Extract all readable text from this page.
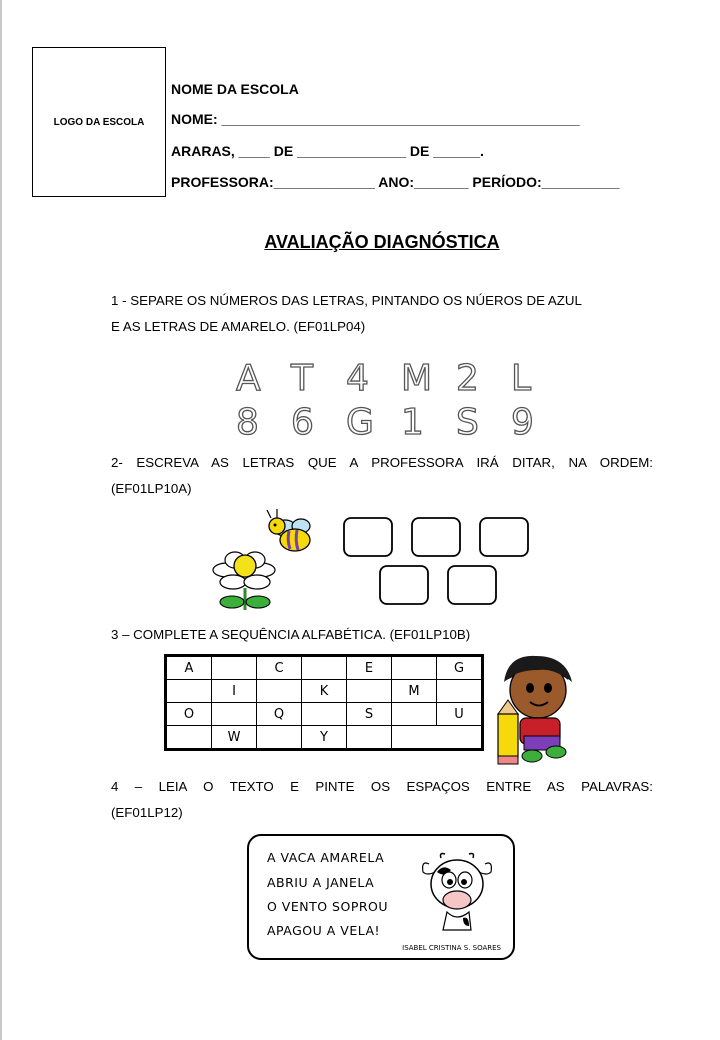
LOGO DA ESCOLA
NOME DA ESCOLA
NOME: ______________________________________________
ARARAS, ____ DE ______________ DE ______.
PROFESSORA:_____________ ANO:_______ PERÍODO:__________
AVALIAÇÃO DIAGNÓSTICA
1 - SEPARE OS NÚMEROS DAS LETRAS, PINTANDO OS NÚEROS DE AZUL
E AS LETRAS DE AMARELO. (EF01LP04)
A T 4 M 2 L
8 6 G 1 S 9
2- ESCREVA AS LETRAS QUE A PROFESSORA IRÁ DITAR, NA ORDEM:
(EF01LP10A)
3 – COMPLETE A SEQUÊNCIA ALFABÉTICA. (EF01LP10B)
A		C		E		G
	I		K		M	
O		Q		S		U
	W		Y			
4 – LEIA O TEXTO E PINTE OS ESPAÇOS ENTRE AS PALAVRAS:
(EF01LP12)
A VACA AMARELA
ABRIU A JANELA
O VENTO SOPROU
APAGOU A VELA!
ISABEL CRISTINA S. SOARES
